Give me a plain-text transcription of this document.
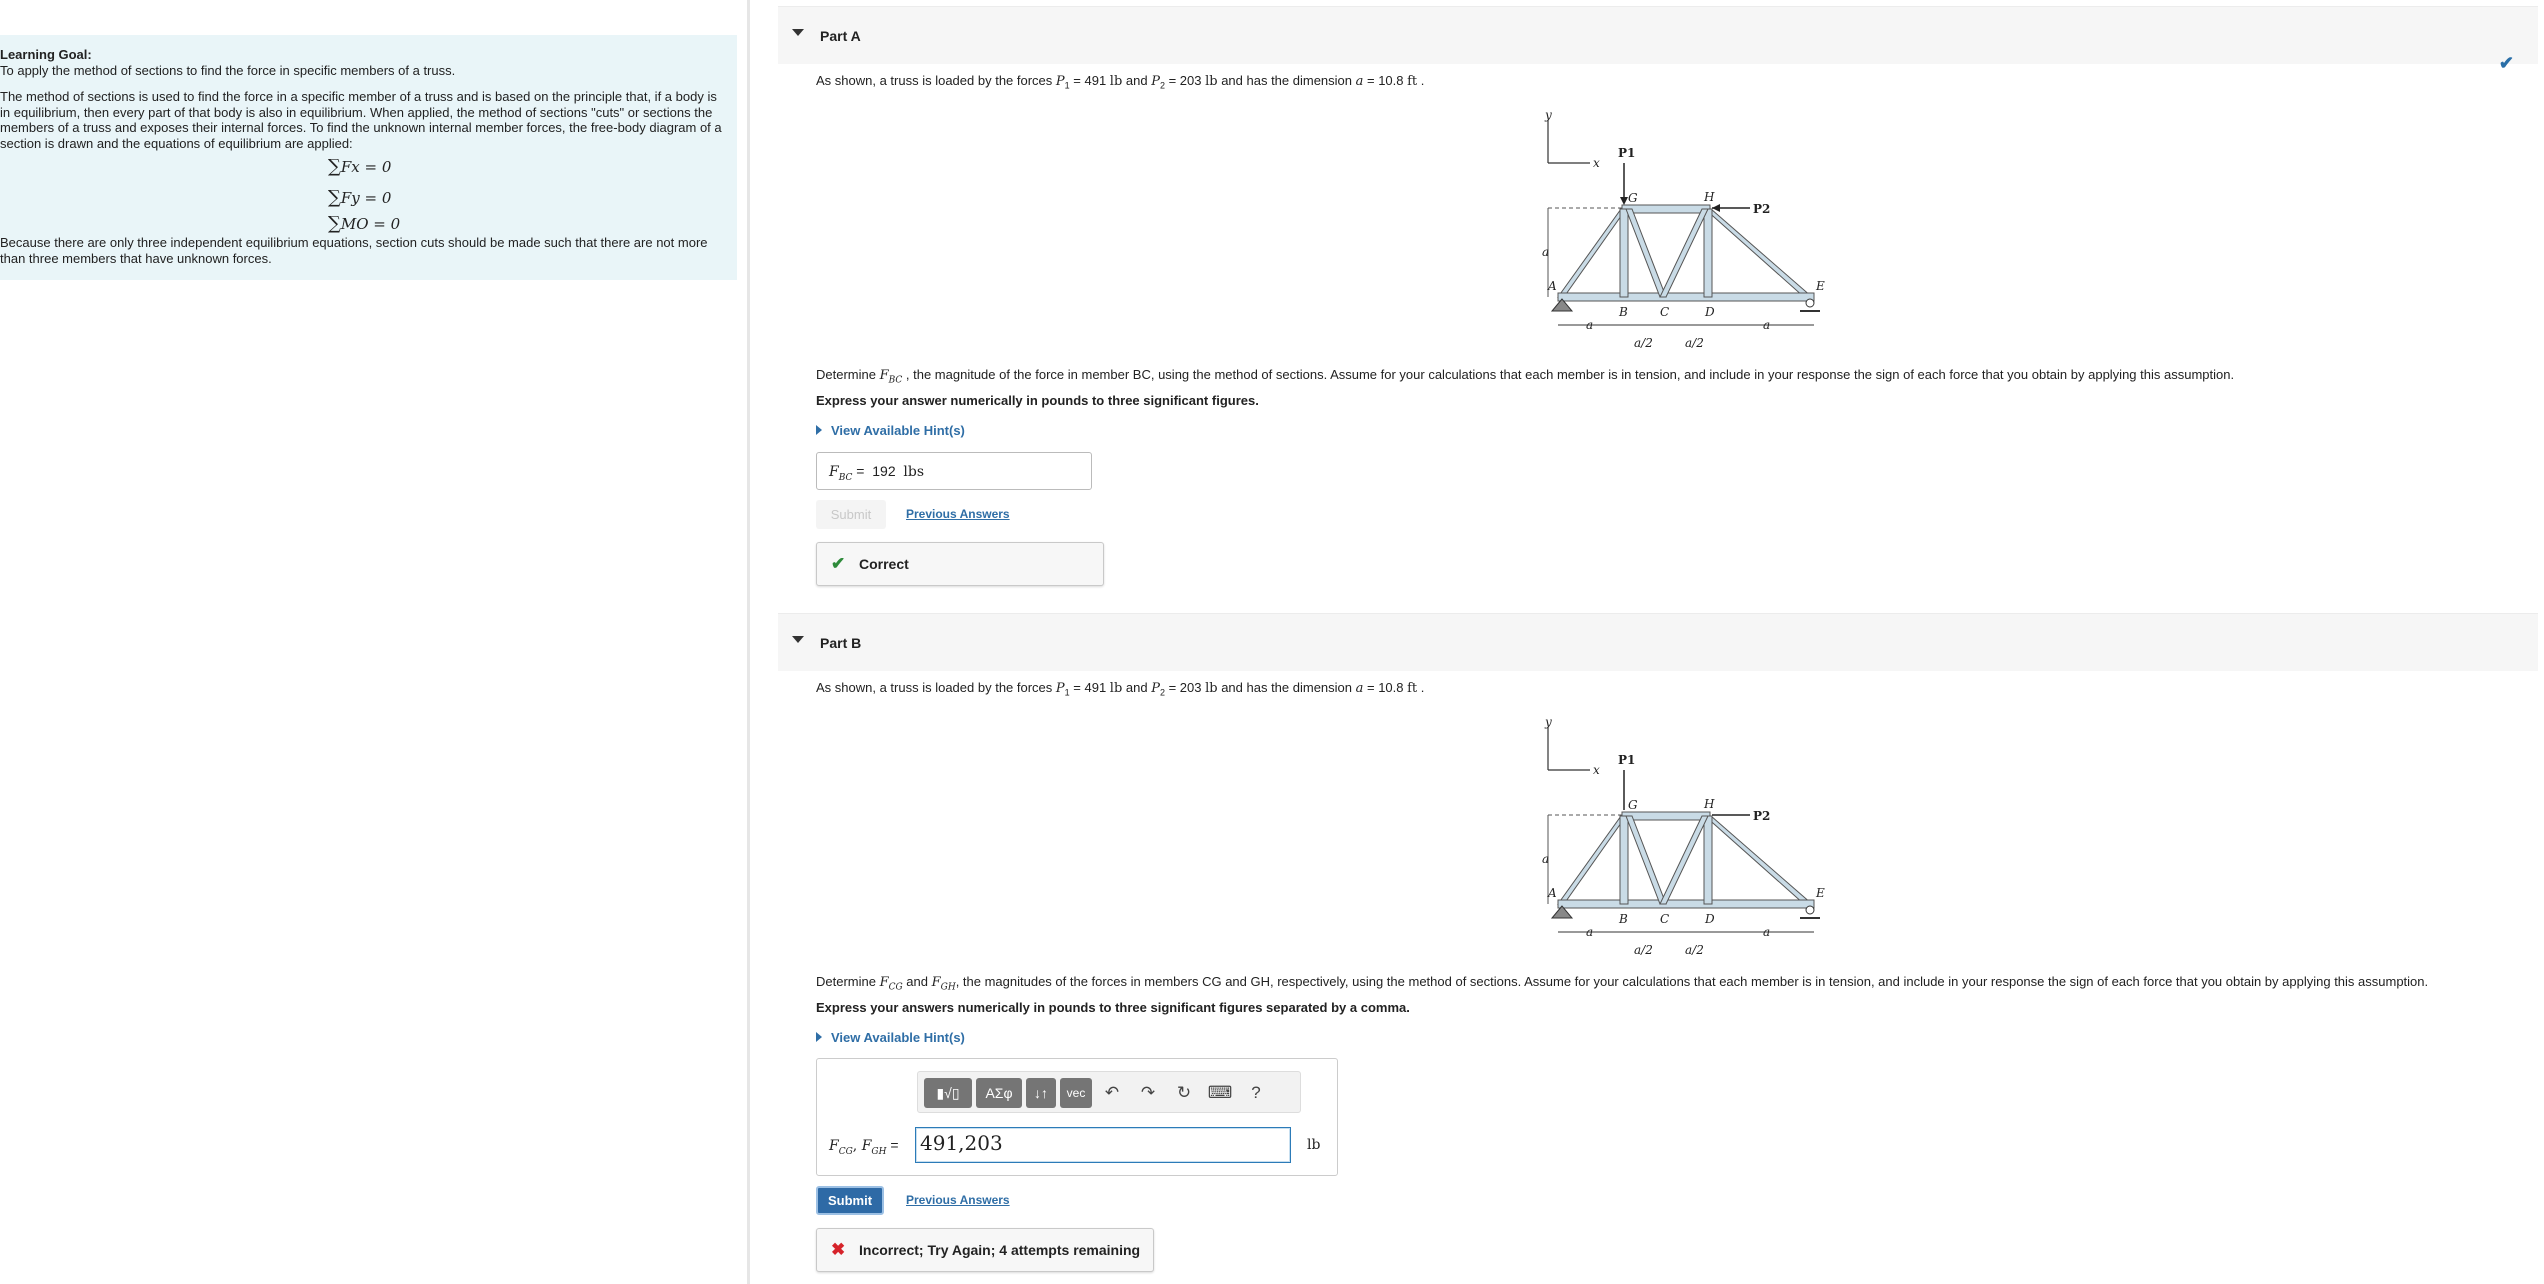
Learning Goal:

To apply the method of sections to find the force in specific members of a truss.

The method of sections is used to find the force in a specific member of a truss and is based on the principle that, if a body is in equilibrium, then every part of that body is also in equilibrium. When applied, the method of sections "cuts" or sections the members of a truss and exposes their internal forces. To find the unknown internal member forces, the free-body diagram of a section is drawn and the equations of equilibrium are applied:

∑Fx = 0
∑Fy = 0
∑MO = 0

Because there are only three independent equilibrium equations, section cuts should be made such that there are not more than three members that have unknown forces.

Part A
✔
As shown, a truss is loaded by the forces $P_1 = 491$ lb and $P_2 = 203$ lb and has the dimension a = 10.8 ft .
y
x
a
P1
P2
G	H
A
B	C	D
E
a	a
a/2	a/2
Determine $F_{BC}$ , the magnitude of the force in member BC, using the method of sections. Assume for your calculations that each member is in tension, and include in your response the sign of each force that you obtain by applying this assumption.
Express your answer numerically in pounds to three significant figures.
View Available Hint(s)
$F_{BC} = 192$ lbs
Submit	Previous Answers
✔ Correct
Part B
As shown, a truss is loaded by the forces $P_1 = 491$ lb and $P_2 = 203$ lb and has the dimension a = 10.8 ft .
y
x
a
P1
P2
G	H
A
B	C	D
E
a	a
a/2	a/2
Determine $F_{CG}$ and $F_{GH}$, the magnitudes of the forces in members CG and GH, respectively, using the method of sections. Assume for your calculations that each member is in tension, and include in your response the sign of each force that you obtain by applying this assumption.
Express your answers numerically in pounds to three significant figures separated by a comma.
View Available Hint(s)
▮√▯	ΑΣφ	↓↑	vec	↶	↷	↻ ⌨	?
$F_{CG}$, $F_{GH} = 491,203$	lb
Submit	Previous Answers
✖ Incorrect; Try Again; 4 attempts remaining
